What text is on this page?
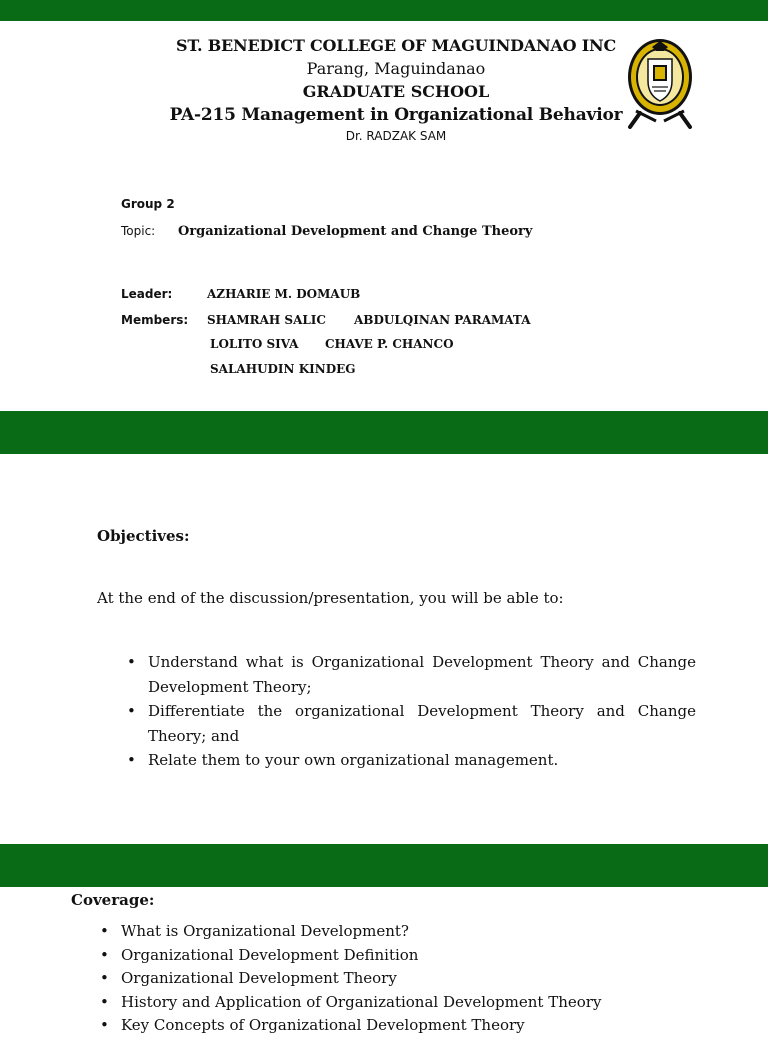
ST. BENEDICT COLLEGE OF MAGUINDANAO INC
Parang, Maguindanao
GRADUATE SCHOOL
PA-215 Management in Organizational Behavior
Dr. RADZAK SAM
Group 2
Topic: Organizational Development and Change Theory
Leader:	AZHARIE M. DOMAUB
Members: SHAMRAH SALIC ABDULQINAN PARAMATA
LOLITO SIVA CHAVE P. CHANCO
SALAHUDIN KINDEG
Objectives:
At the end of the discussion/presentation, you will be able to:
• Understand what is Organizational Development Theory and Change Development Theory;
• Differentiate the organizational Development Theory and Change Theory; and
• Relate them to your own organizational management.
Coverage:
• What is Organizational Development?
• Organizational Development Definition
• Organizational Development Theory
• History and Application of Organizational Development Theory
• Key Concepts of Organizational Development Theory
